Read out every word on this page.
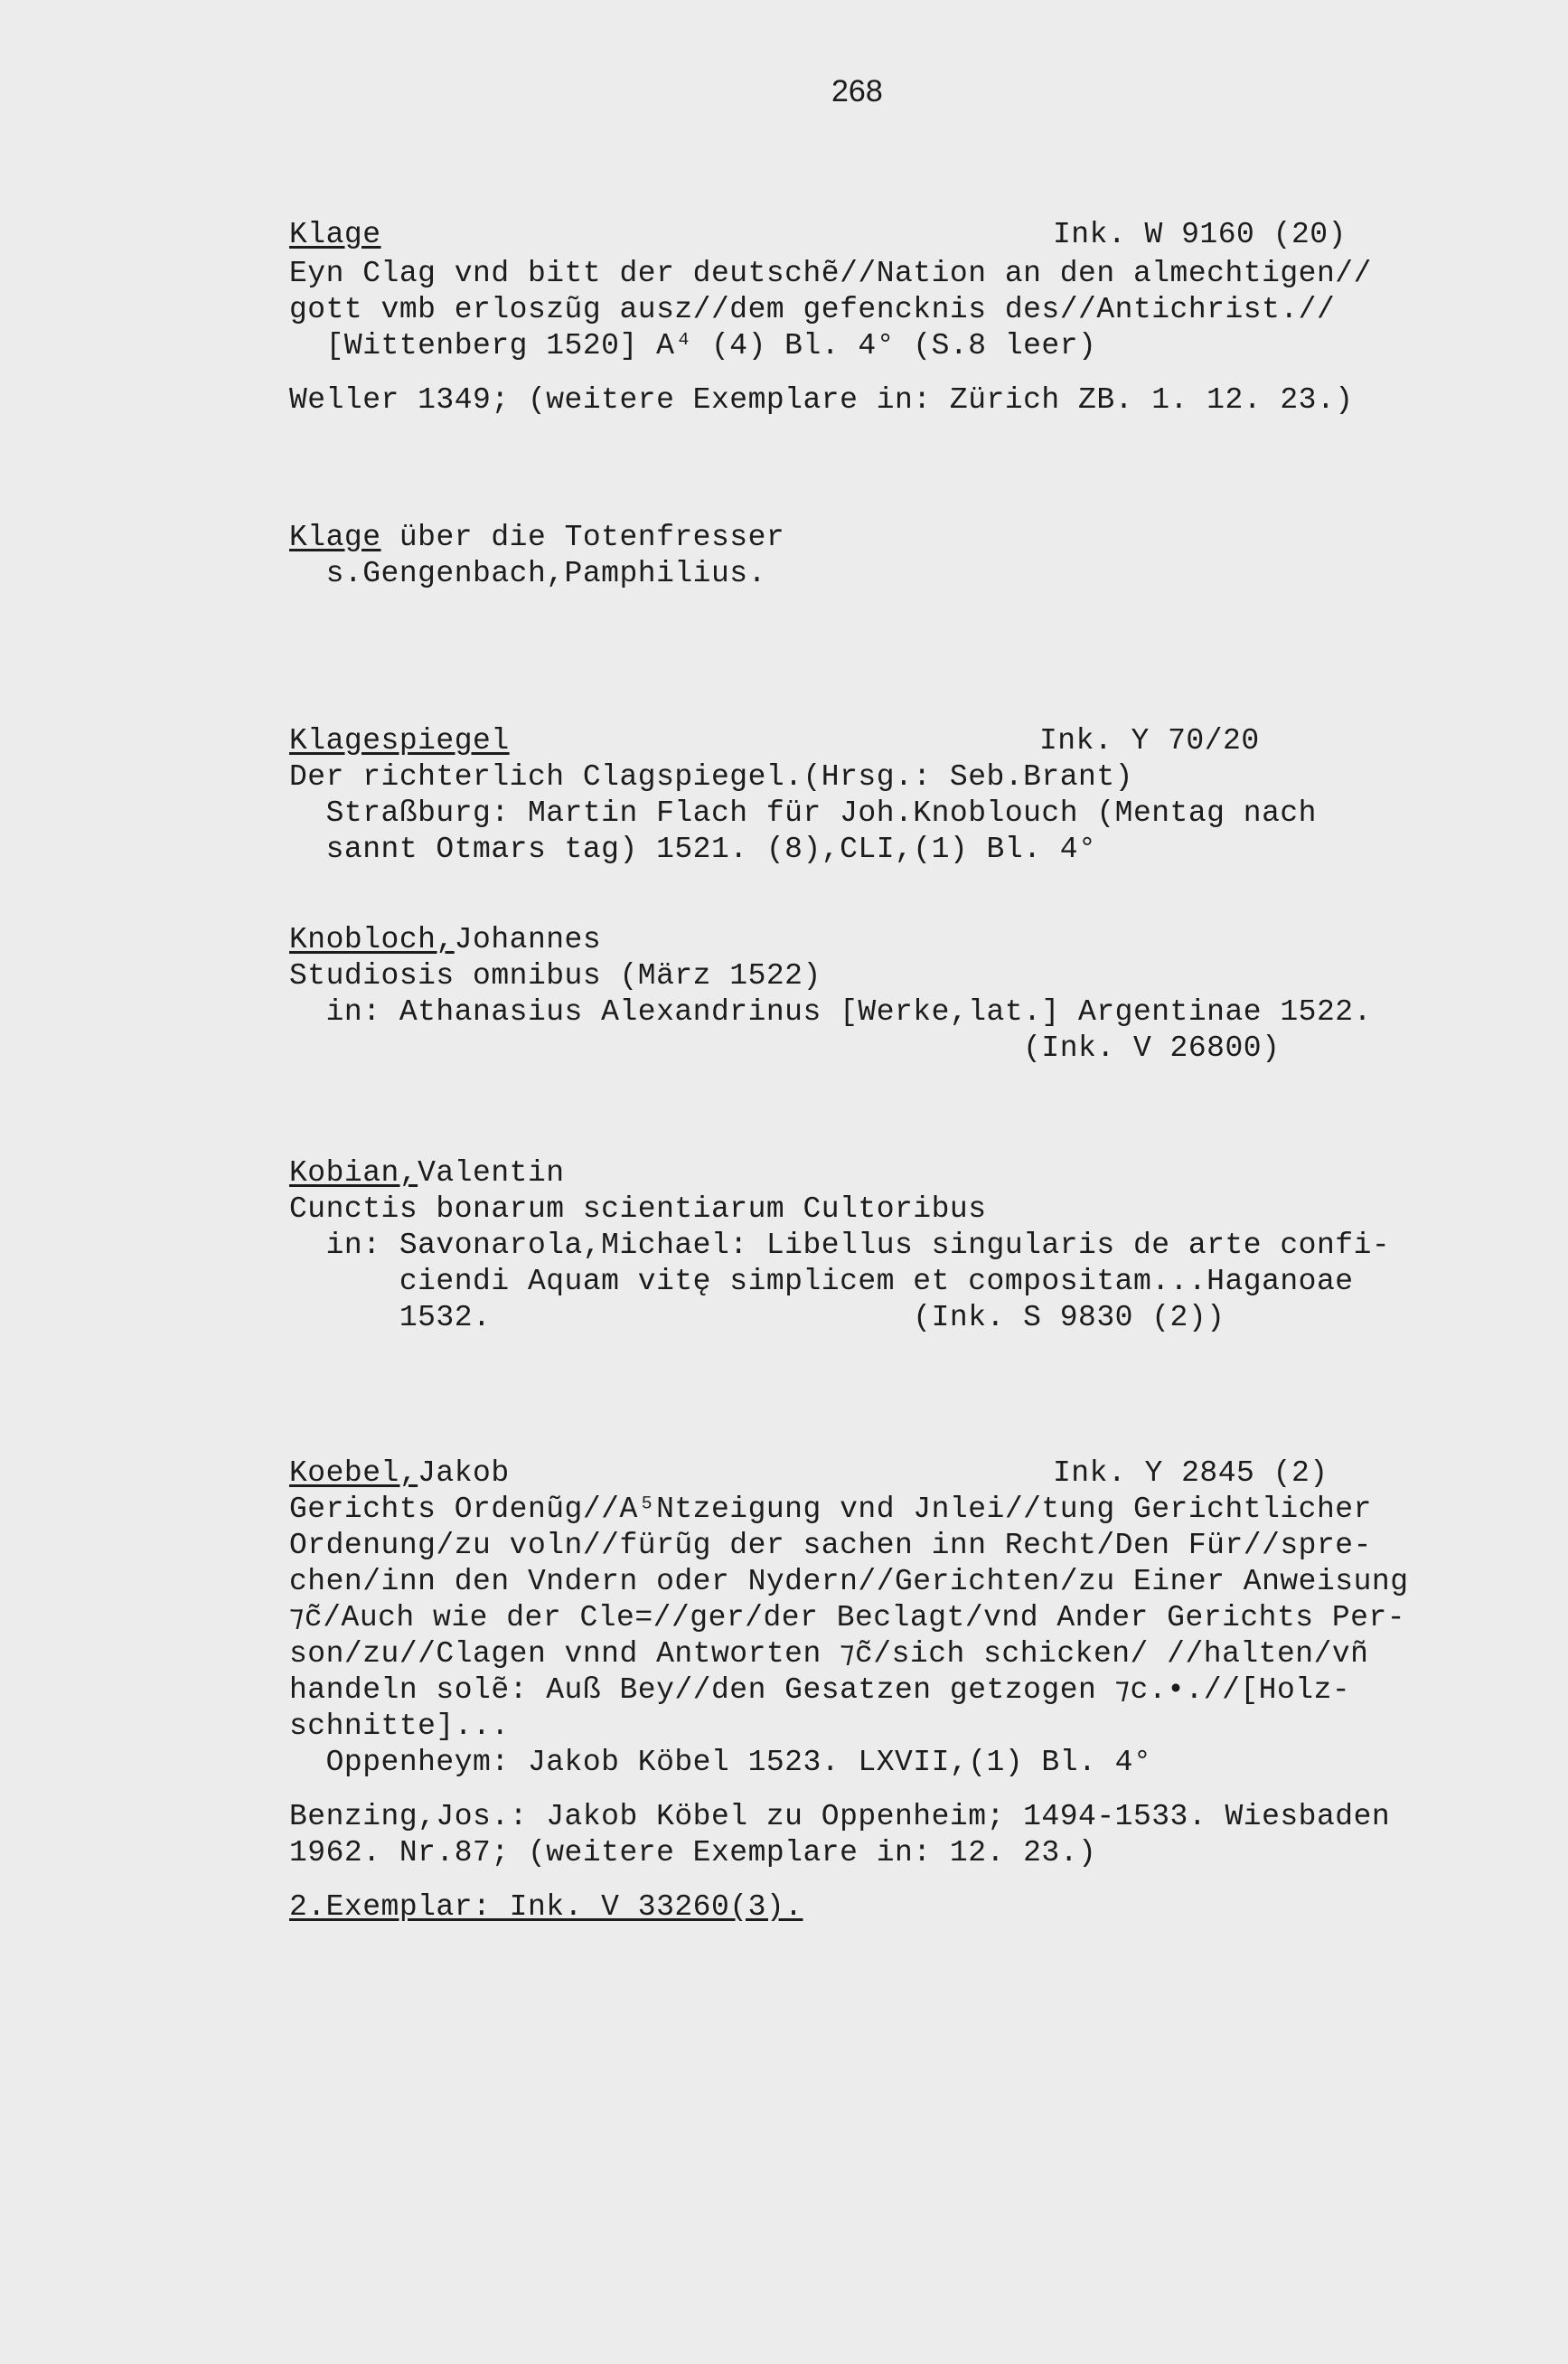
268
Klage	Ink. W 9160 (20)
Eyn Clag vnd bitt der deutschẽ//Nation an den almechtigen//
gott vmb erloszũg ausz//dem gefencknis des//Antichrist.//
[Wittenberg 1520] A⁴ (4) Bl. 4° (S.8 leer)
Weller 1349; (weitere Exemplare in: Zürich ZB. 1. 12. 23.)
Klage über die Totenfresser
s.Gengenbach,Pamphilius.
Klagespiegel	Ink. Y 70/20
Der richterlich Clagspiegel.(Hrsg.: Seb.Brant)
Straßburg: Martin Flach für Joh.Knoblouch (Mentag nach
sannt Otmars tag) 1521. (8),CLI,(1) Bl. 4°
Knobloch,Johannes
Studiosis omnibus (März 1522)
in: Athanasius Alexandrinus [Werke,lat.] Argentinae 1522.
(Ink. V 26800)
Kobian,Valentin
Cunctis bonarum scientiarum Cultoribus
in: Savonarola,Michael: Libellus singularis de arte confi-
ciendi Aquam vitę simplicem et compositam...Haganoae
1532.                       (Ink. S 9830 (2))
Koebel,Jakob	Ink. Y 2845 (2)
Gerichts Ordenũg//A⁵Ntzeigung vnd Jnlei//tung Gerichtlicher
Ordenung/zu voln//fürũg der sachen inn Recht/Den Für//spre-
chen/inn den Vndern oder Nydern//Gerichten/zu Einer Anweisung
⁊c̃/Auch wie der Cle=//ger/der Beclagt/vnd Ander Gerichts Per-
son/zu//Clagen vnnd Antworten ⁊c̃/sich schicken/ //halten/vñ
handeln solẽ: Auß Bey//den Gesatzen getzogen ⁊c.•.//[Holz-
schnitte]...
Oppenheym: Jakob Köbel 1523. LXVII,(1) Bl. 4°
Benzing,Jos.: Jakob Köbel zu Oppenheim; 1494-1533. Wiesbaden
1962. Nr.87; (weitere Exemplare in: 12. 23.)
2.Exemplar: Ink. V 33260(3).
